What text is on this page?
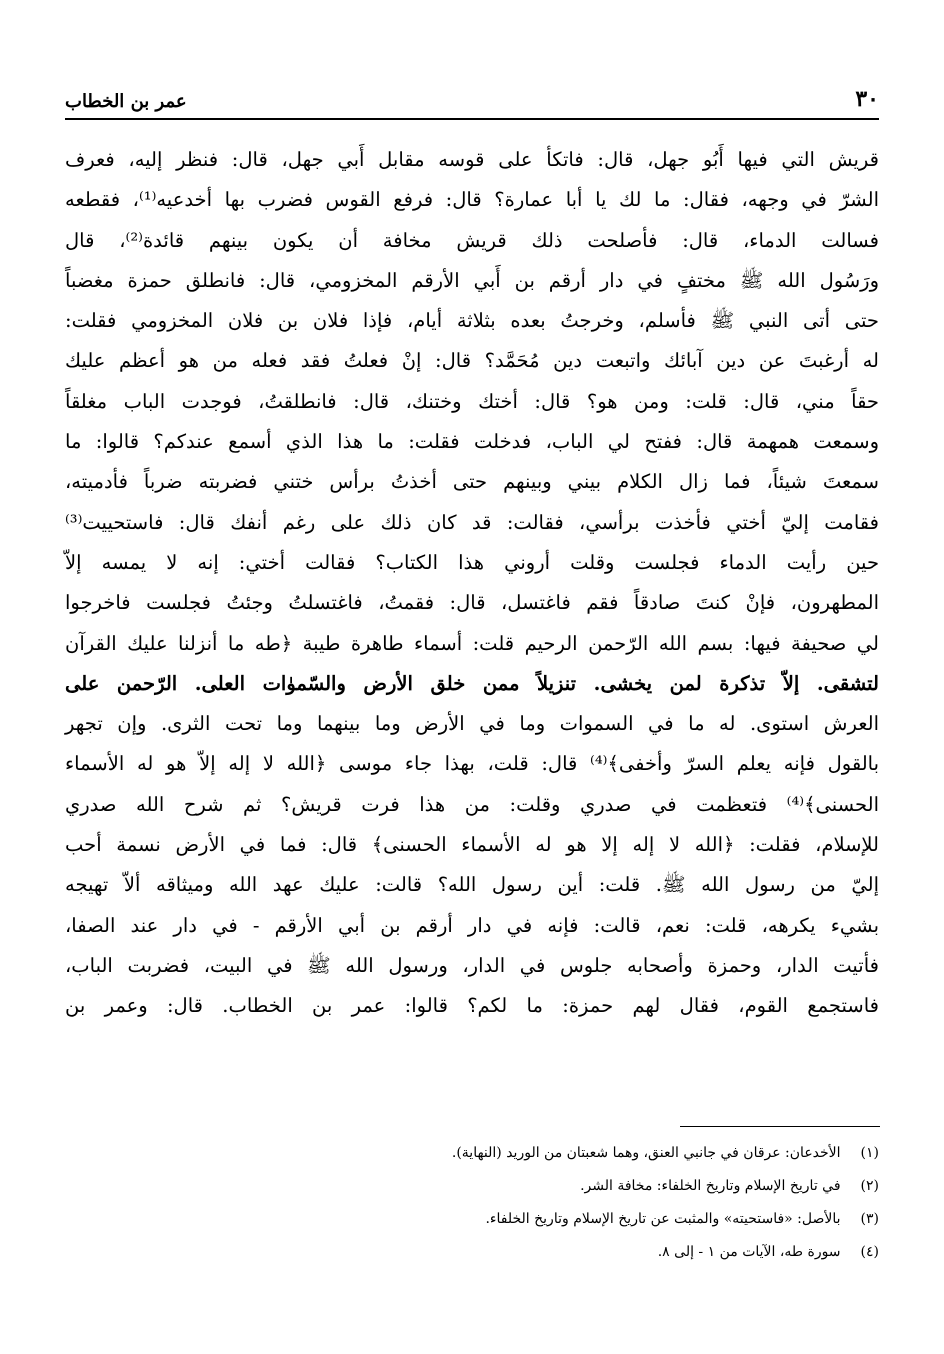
٣٠
عمر بن الخطاب
قريش التي فيها أَبُو جهل، قال: فاتكأ على قوسه مقابل أَبي جهل، قال: فنظر إليه، فعرف
الشرّ في وجهه، فقال: ما لك يا أبا عمارة؟ قال: فرفع القوس فضرب بها أخدعيه⁽¹⁾، فقطعه
فسالت الدماء، قال: فأصلحت ذلك قريش مخافة أن يكون بينهم قائدة⁽²⁾، قال
ورَسُول الله ﷺ مختفٍ في دار أرقم بن أَبي الأرقم المخزومي، قال: فانطلق حمزة مغضباً
حتى أتى النبي ﷺ فأسلم، وخرجتُ بعده بثلاثة أيام، فإذا فلان بن فلان المخزومي فقلت:
له أرغبتَ عن دين آبائك واتبعت دين مُحَمَّد؟ قال: إنْ فعلتُ فقد فعله من هو أعظم عليك
حقاً مني، قال: قلت: ومن هو؟ قال: أختك وختنك، قال: فانطلقتُ، فوجدت الباب مغلقاً
وسمعت همهمة قال: ففتح لي الباب، فدخلت فقلت: ما هذا الذي أسمع عندكم؟ قالوا: ما
سمعتَ شيئاً، فما زال الكلام بيني وبينهم حتى أخذتُ برأس ختني فضربته ضرباً فأدميته،
فقامت إليّ أختي فأخذت برأسي، فقالت: قد كان ذلك على رغم أنفك قال: فاستحييت⁽³⁾
حين رأيت الدماء فجلست وقلت أروني هذا الكتاب؟ فقالت أختي: إنه لا يمسه إلاّ
المطهرون، فإنْ كنتَ صادقاً فقم فاغتسل، قال: فقمتُ، فاغتسلتُ وجئتُ فجلست فاخرجوا
لي صحيفة فيها: بسم الله الرّحمن الرحيم قلت: أسماء طاهرة طيبة ﴿طه ما أنزلنا عليك القرآن
لتشقى. إلاّ تذكرة لمن يخشى. تنزيلاً ممن خلق الأرض والسّموٰات العلى. الرّحمن على
العرش استوى. له ما في السموات وما في الأرض وما بينهما وما تحت الثرى. وإن تجهر
بالقول فإنه يعلم السرّ وأخفى﴾⁽⁴⁾ قال: قلت، بهذا جاء موسى ﴿الله لا إله إلاّ هو له الأسماء
الحسنى﴾⁽⁴⁾ فتعظمت في صدري وقلت: من هذا فرت قريش؟ ثم شرح الله صدري
للإسلام، فقلت: ﴿الله لا إله إلا هو له الأسماء الحسنى﴾ قال: فما في الأرض نسمة أحب
إليّ من رسول الله ﷺ. قلت: أين رسول الله؟ قالت: عليك عهد الله وميثاقه ألاّ تهيجه
بشيء يكرهه، قلت: نعم، قالت: فإنه في دار أرقم بن أبي الأرقم - في دار عند الصفا،
فأتيت الدار، وحمزة وأصحابه جلوس في الدار، ورسول الله ﷺ في البيت، فضربت الباب،
فاستجمع القوم، فقال لهم حمزة: ما لكم؟ قالوا: عمر بن الخطاب. قال: وعمر بن
(١) الأخدعان: عرقان في جانبي العنق، وهما شعبتان من الوريد (النهاية).
(٢) في تاريخ الإسلام وتاريخ الخلفاء: مخافة الشر.
(٣) بالأصل: «فاستحيته» والمثبت عن تاريخ الإسلام وتاريخ الخلفاء.
(٤) سورة طه، الآيات من ١ - إلى ٨.
